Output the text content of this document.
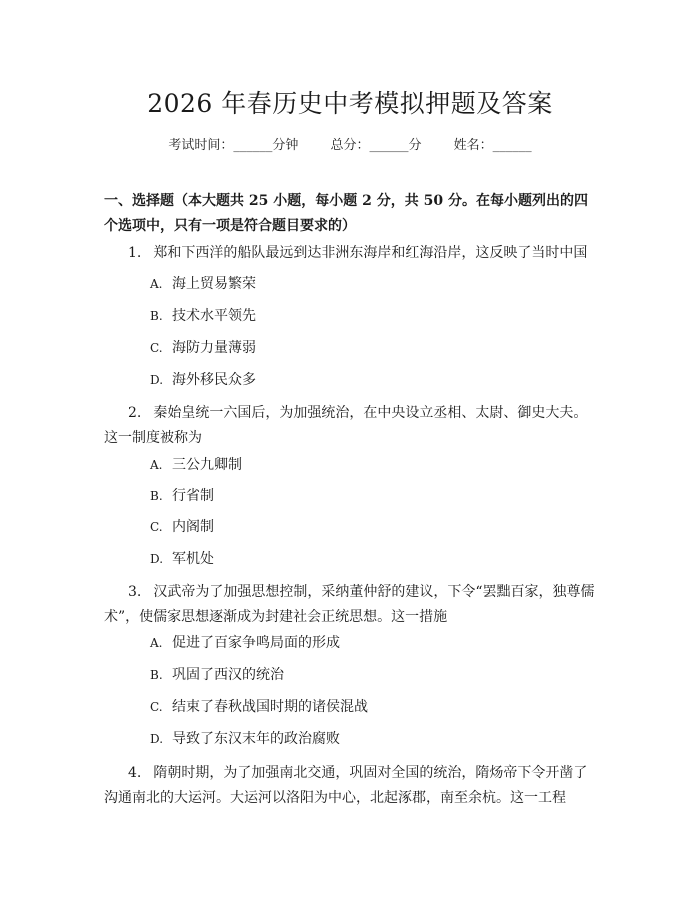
2026 年春历史中考模拟押题及答案
考试时间：______分钟 总分：______分 姓名：______
一、选择题（本大题共 25 小题，每小题 2 分，共 50 分。在每小题列出的四个选项中，只有一项是符合题目要求的）
1. 郑和下西洋的船队最远到达非洲东海岸和红海沿岸，这反映了当时中国
A. 海上贸易繁荣
B. 技术水平领先
C. 海防力量薄弱
D. 海外移民众多
2. 秦始皇统一六国后，为加强统治，在中央设立丞相、太尉、御史大夫。这一制度被称为
A. 三公九卿制
B. 行省制
C. 内阁制
D. 军机处
3. 汉武帝为了加强思想控制，采纳董仲舒的建议，下令“罢黜百家，独尊儒术”，使儒家思想逐渐成为封建社会正统思想。这一措施
A. 促进了百家争鸣局面的形成
B. 巩固了西汉的统治
C. 结束了春秋战国时期的诸侯混战
D. 导致了东汉末年的政治腐败
4. 隋朝时期，为了加强南北交通，巩固对全国的统治，隋炀帝下令开凿了沟通南北的大运河。大运河以洛阳为中心，北起涿郡，南至余杭。这一工程
